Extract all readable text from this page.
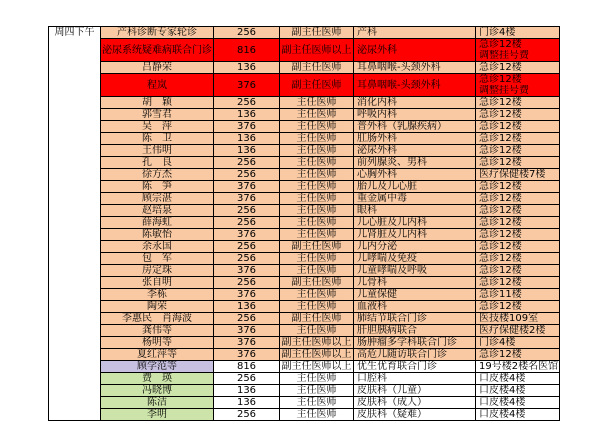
周四下午	产科诊断专家轮诊	256	副主任医师	产科	门诊4楼

	泌尿系统疑难病联合门诊	816	副主任医师以上	泌尿外科	急诊12楼
调整挂号费

	吕静荣	136	副主任医师	耳鼻咽喉-头颈外科	急诊12楼

	程岚	376	副主任医师	耳鼻咽喉-头颈外科	急诊12楼
调整挂号费

	胡　颖	256	主任医师	消化内科	急诊12楼

	郭雪君	136	主任医师	呼吸内科	急诊12楼

	吴　萍	376	主任医师	普外科（乳腺疾病）	急诊12楼

	陈　卫	136	主任医师	肛肠外科	急诊12楼

	王伟明	136	主任医师	泌尿外科	急诊12楼

	孔　良	256	主任医师	前列腺炎、男科	急诊12楼

	徐方杰	256	主任医师	心胸外科	医疗保健楼7楼

	陈　笋	376	主任医师	胎儿及儿心脏	急诊12楼

	顾宗湛	376	主任医师	重金属中毒	急诊12楼

	赵培泉	256	主任医师	眼科	急诊12楼

	薛海虹	256	主任医师	儿心脏及儿内科	急诊12楼

	陈敏怡	376	主任医师	儿肾脏及儿内科	急诊12楼

	余永国	256	副主任医师	儿内分泌	急诊12楼

	包　军	256	主任医师	儿哮喘及免疫	急诊12楼

	房定珠	376	主任医师	儿童哮喘及呼吸	急诊12楼

	张自明	256	副主任医师	儿骨科	急诊12楼

	李栋	376	主任医师	儿童保健	急诊11楼

	陶荣	136	主任医师	血液科	急诊12楼

	李惠民　肖海波	256	副主任医师	肺结节联合门诊	医技楼109室

	龚伟等	376	主任医师	肝胆胰病联合	医疗保健楼2楼

	杨明等	376	副主任医师以上	肠肿瘤多学科联合门诊	门诊4楼

	夏红萍等	376	副主任医师以上	高危儿随访联合门诊	急诊12楼

	顾学范等	816	副主任医师以上	优生优育联合门诊	19号楼2楼名医馆

	费　瑛	256	主任医师	口腔科	口皮楼4楼

	冯晓博	136	主任医师	皮肤科（儿童）	口皮楼4楼

	陈洁	136	主任医师	皮肤科（成人）	口皮楼4楼

	李明	256	主任医师	皮肤科（疑难）	口皮楼4楼
